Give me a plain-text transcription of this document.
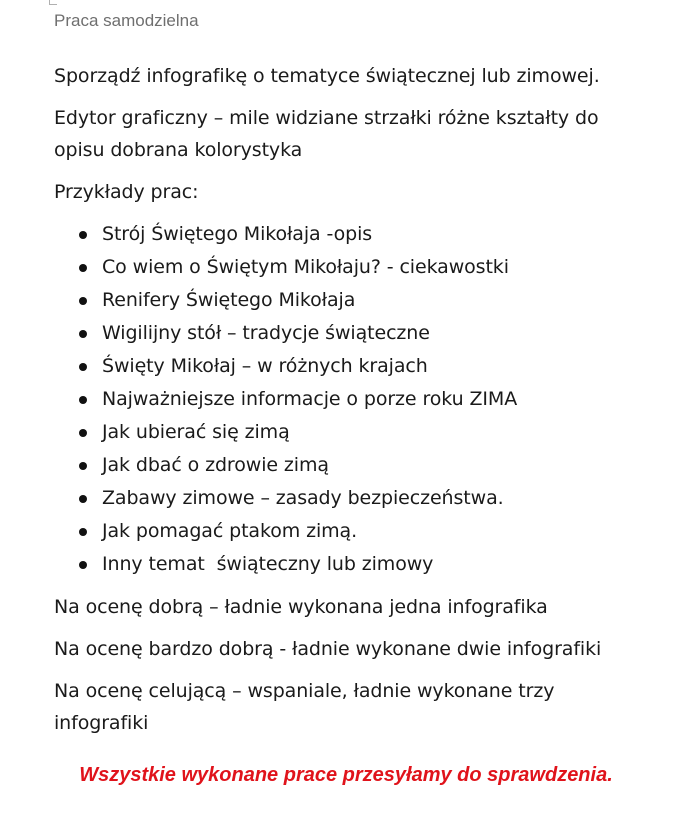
Praca samodzielna

Sporządź infografikę o tematyce świątecznej lub zimowej.

Edytor graficzny – mile widziane strzałki różne kształty do opisu dobrana kolorystyka

Przykłady prac:

Strój Świętego Mikołaja -opis
Co wiem o Świętym Mikołaju? - ciekawostki
Renifery Świętego Mikołaja
Wigilijny stół – tradycje świąteczne
Święty Mikołaj – w różnych krajach
Najważniejsze informacje o porze roku ZIMA
Jak ubierać się zimą
Jak dbać o zdrowie zimą
Zabawy zimowe – zasady bezpieczeństwa.
Jak pomagać ptakom zimą.
Inny temat  świąteczny lub zimowy

Na ocenę dobrą – ładnie wykonana jedna infografika

Na ocenę bardzo dobrą - ładnie wykonane dwie infografiki

Na ocenę celującą – wspaniale, ładnie wykonane trzy infografiki

Wszystkie wykonane prace przesyłamy do sprawdzenia.
